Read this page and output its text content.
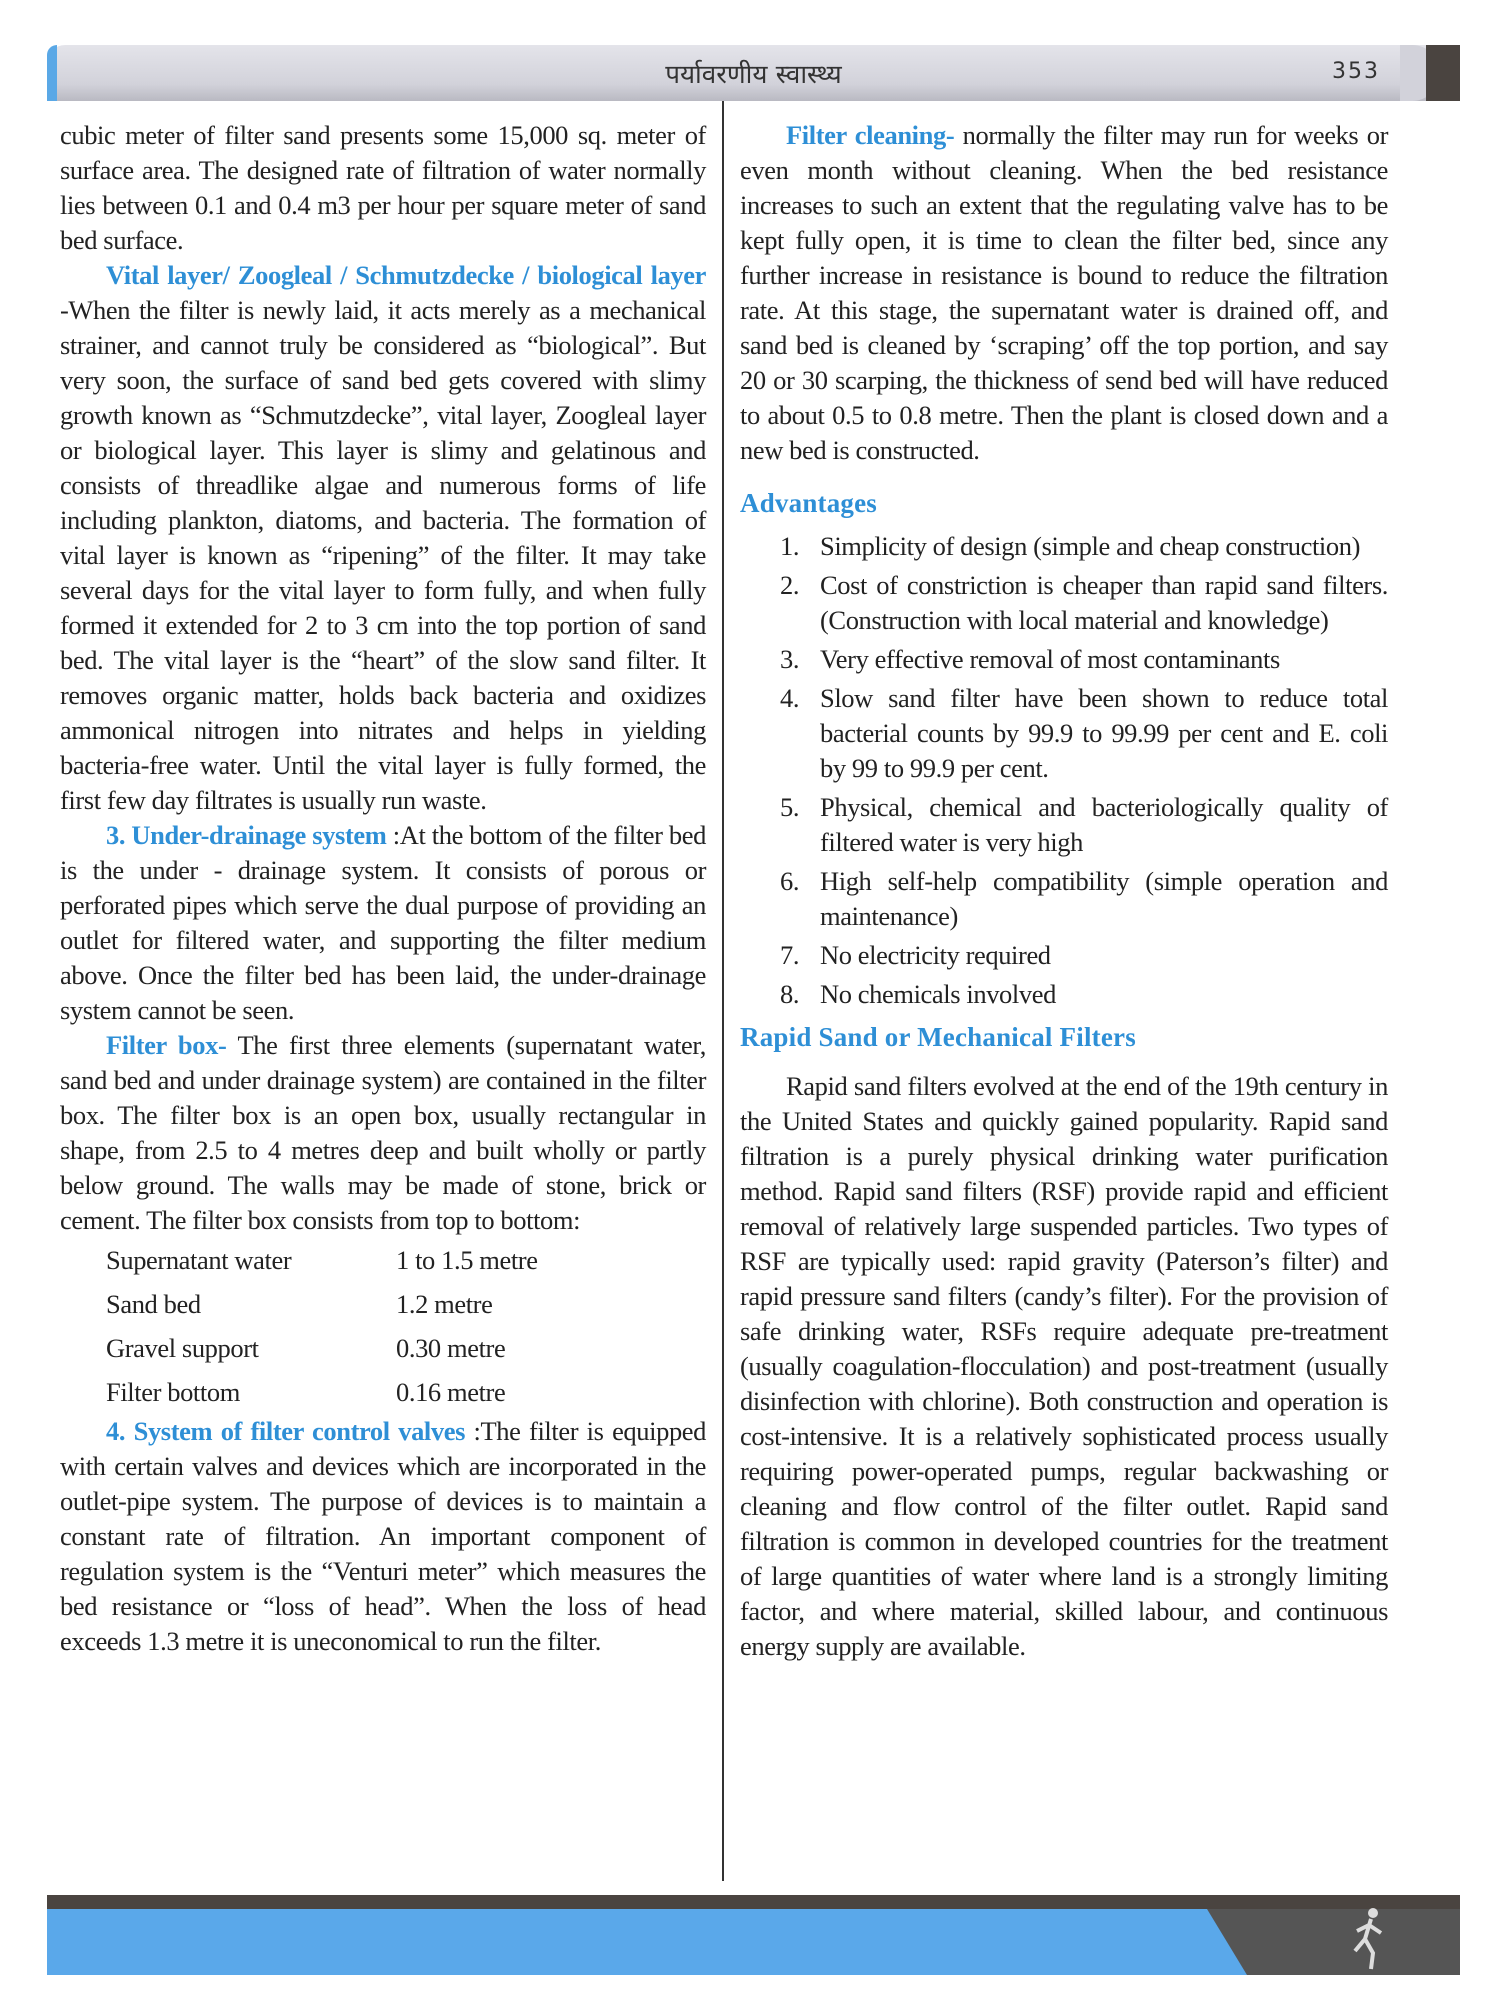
पर्यावरणीय स्वास्थ्य	353

cubic meter of filter sand presents some 15,000 sq. meter of surface area. The designed rate of filtration of water normally lies between 0.1 and 0.4 m3 per hour per square meter of sand bed surface.

Vital layer/ Zoogleal / Schmutzdecke / biological layer -When the filter is newly laid, it acts merely as a mechanical strainer, and cannot truly be considered as “biological”. But very soon, the surface of sand bed gets covered with slimy growth known as “Schmutzdecke”, vital layer, Zoogleal layer or biological layer. This layer is slimy and gelatinous and consists of threadlike algae and numerous forms of life including plankton, diatoms, and bacteria. The formation of vital layer is known as “ripening” of the filter. It may take several days for the vital layer to form fully, and when fully formed it extended for 2 to 3 cm into the top portion of sand bed. The vital layer is the “heart” of the slow sand filter. It removes organic matter, holds back bacteria and oxidizes ammonical nitrogen into nitrates and helps in yielding bacteria-free water. Until the vital layer is fully formed, the first few day filtrates is usually run waste.

3. Under-drainage system :At the bottom of the filter bed is the under - drainage system. It consists of porous or perforated pipes which serve the dual purpose of providing an outlet for filtered water, and supporting the filter medium above. Once the filter bed has been laid, the under-drainage system cannot be seen.

Filter box- The first three elements (supernatant water, sand bed and under drainage system) are contained in the filter box. The filter box is an open box, usually rectangular in shape, from 2.5 to 4 metres deep and built wholly or partly below ground. The walls may be made of stone, brick or cement. The filter box consists from top to bottom:

Supernatant water	1 to 1.5 metre
Sand bed	1.2 metre
Gravel support	0.30 metre
Filter bottom	0.16 metre

4. System of filter control valves :The filter is equipped with certain valves and devices which are incorporated in the outlet-pipe system. The purpose of devices is to maintain a constant rate of filtration. An important component of regulation system is the “Venturi meter” which measures the bed resistance or “loss of head”. When the loss of head exceeds 1.3 metre it is uneconomical to run the filter.

Filter cleaning- normally the filter may run for weeks or even month without cleaning. When the bed resistance increases to such an extent that the regulating valve has to be kept fully open, it is time to clean the filter bed, since any further increase in resistance is bound to reduce the filtration rate. At this stage, the supernatant water is drained off, and sand bed is cleaned by ‘scraping’ off the top portion, and say 20 or 30 scarping, the thickness of send bed will have reduced to about 0.5 to 0.8 metre. Then the plant is closed down and a new bed is constructed.

Advantages
1. Simplicity of design (simple and cheap construction)
2. Cost of constriction is cheaper than rapid sand filters. (Construction with local material and knowledge)
3. Very effective removal of most contaminants
4. Slow sand filter have been shown to reduce total bacterial counts by 99.9 to 99.99 per cent and E. coli by 99 to 99.9 per cent.
5. Physical, chemical and bacteriologically quality of filtered water is very high
6. High self-help compatibility (simple operation and maintenance)
7. No electricity required
8. No chemicals involved
Rapid Sand or Mechanical Filters

Rapid sand filters evolved at the end of the 19th century in the United States and quickly gained popularity. Rapid sand filtration is a purely physical drinking water purification method. Rapid sand filters (RSF) provide rapid and efficient removal of relatively large suspended particles. Two types of RSF are typically used: rapid gravity (Paterson’s filter) and rapid pressure sand filters (candy’s filter). For the provision of safe drinking water, RSFs require adequate pre-treatment (usually coagulation-flocculation) and post-treatment (usually disinfection with chlorine). Both construction and operation is cost-intensive. It is a relatively sophisticated process usually requiring power-operated pumps, regular backwashing or cleaning and flow control of the filter outlet. Rapid sand filtration is common in developed countries for the treatment of large quantities of water where land is a strongly limiting factor, and where material, skilled labour, and continuous energy supply are available.
